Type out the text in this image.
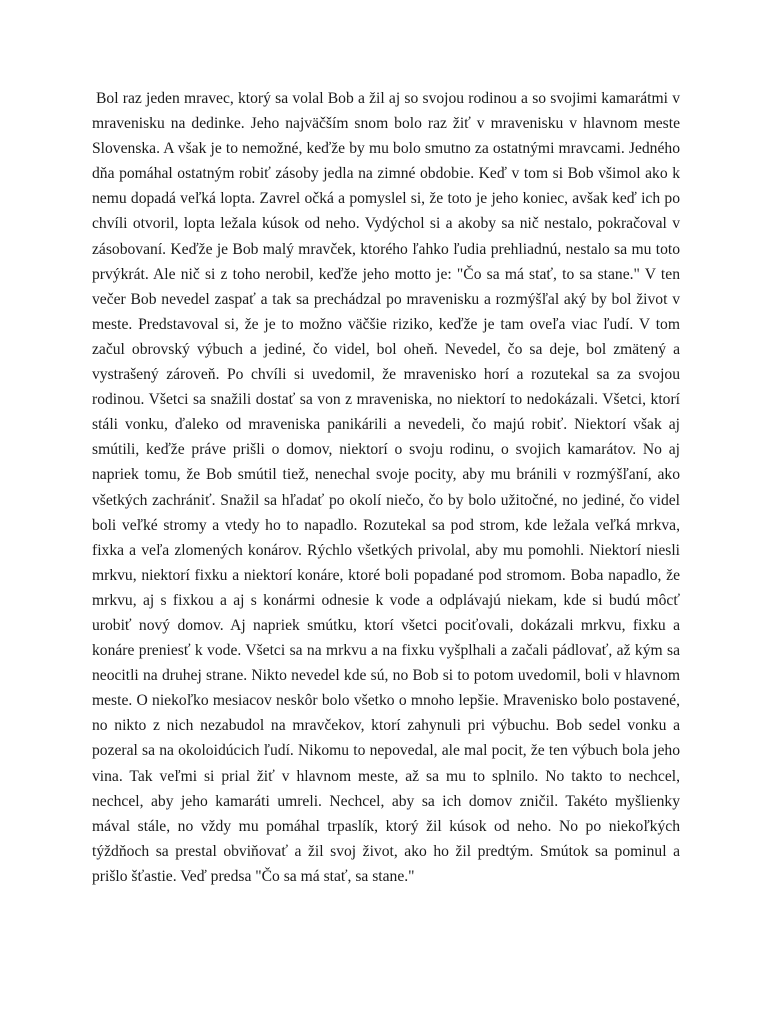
Bol raz jeden mravec, ktorý sa volal Bob a žil aj so svojou rodinou a so svojimi kamarátmi v
mravenisku na dedinke. Jeho najväčším snom bolo raz žiť v mravenisku v hlavnom meste
Slovenska. A však je to nemožné, keďže by mu bolo smutno za ostatnými mravcami. Jedného
dňa pomáhal ostatným robiť zásoby jedla na zimné obdobie. Keď v tom si Bob všimol ako k
nemu dopadá veľká lopta. Zavrel očká a pomyslel si, že toto je jeho koniec, avšak keď ich po
chvíli otvoril, lopta ležala kúsok od neho. Vydýchol si a akoby sa nič nestalo, pokračoval v
zásobovaní. Keďže je Bob malý mravček, ktorého ľahko ľudia prehliadnú, nestalo sa mu toto
prvýkrát. Ale nič si z toho nerobil, keďže jeho motto je: "Čo sa má stať, to sa stane." V ten
večer Bob nevedel zaspať a tak sa prechádzal po mravenisku a rozmýšľal aký by bol život v
meste. Predstavoval si, že je to možno väčšie riziko, keďže je tam oveľa viac ľudí. V tom
začul obrovský výbuch a jediné, čo videl, bol oheň. Nevedel, čo sa deje, bol zmätený a
vystrašený zároveň. Po chvíli si uvedomil, že mravenisko horí a rozutekal sa za svojou
rodinou. Všetci sa snažili dostať sa von z mraveniska, no niektorí to nedokázali. Všetci, ktorí
stáli vonku, ďaleko od mraveniska panikárili a nevedeli, čo majú robiť. Niektorí však aj
smútili, keďže práve prišli o domov, niektorí o svoju rodinu, o svojich kamarátov. No aj
napriek tomu, že Bob smútil tiež, nenechal svoje pocity, aby mu bránili v rozmýšľaní, ako
všetkých zachrániť. Snažil sa hľadať po okolí niečo, čo by bolo užitočné, no jediné, čo videl
boli veľké stromy a vtedy ho to napadlo. Rozutekal sa pod strom, kde ležala veľká mrkva,
fixka a veľa zlomených konárov. Rýchlo všetkých privolal, aby mu pomohli. Niektorí niesli
mrkvu, niektorí fixku a niektorí konáre, ktoré boli popadané pod stromom. Boba napadlo, že
mrkvu, aj s fixkou a aj s konármi odnesie k vode a odplávajú niekam, kde si budú môcť
urobiť nový domov. Aj napriek smútku, ktorí všetci pociťovali, dokázali mrkvu, fixku a
konáre preniesť k vode. Všetci sa na mrkvu a na fixku vyšplhali a začali pádlovať, až kým sa
neocitli na druhej strane. Nikto nevedel kde sú, no Bob si to potom uvedomil, boli v hlavnom
meste. O niekoľko mesiacov neskôr bolo všetko o mnoho lepšie. Mravenisko bolo postavené,
no nikto z nich nezabudol na mravčekov, ktorí zahynuli pri výbuchu. Bob sedel vonku a
pozeral sa na okoloidúcich ľudí. Nikomu to nepovedal, ale mal pocit, že ten výbuch bola jeho
vina. Tak veľmi si prial žiť v hlavnom meste, až sa mu to splnilo. No takto to nechcel,
nechcel, aby jeho kamaráti umreli. Nechcel, aby sa ich domov zničil. Takéto myšlienky
mával stále, no vždy mu pomáhal trpaslík, ktorý žil kúsok od neho. No po niekoľkých
týždňoch sa prestal obviňovať a žil svoj život, ako ho žil predtým. Smútok sa pominul a
prišlo šťastie. Veď predsa "Čo sa má stať, sa stane."
